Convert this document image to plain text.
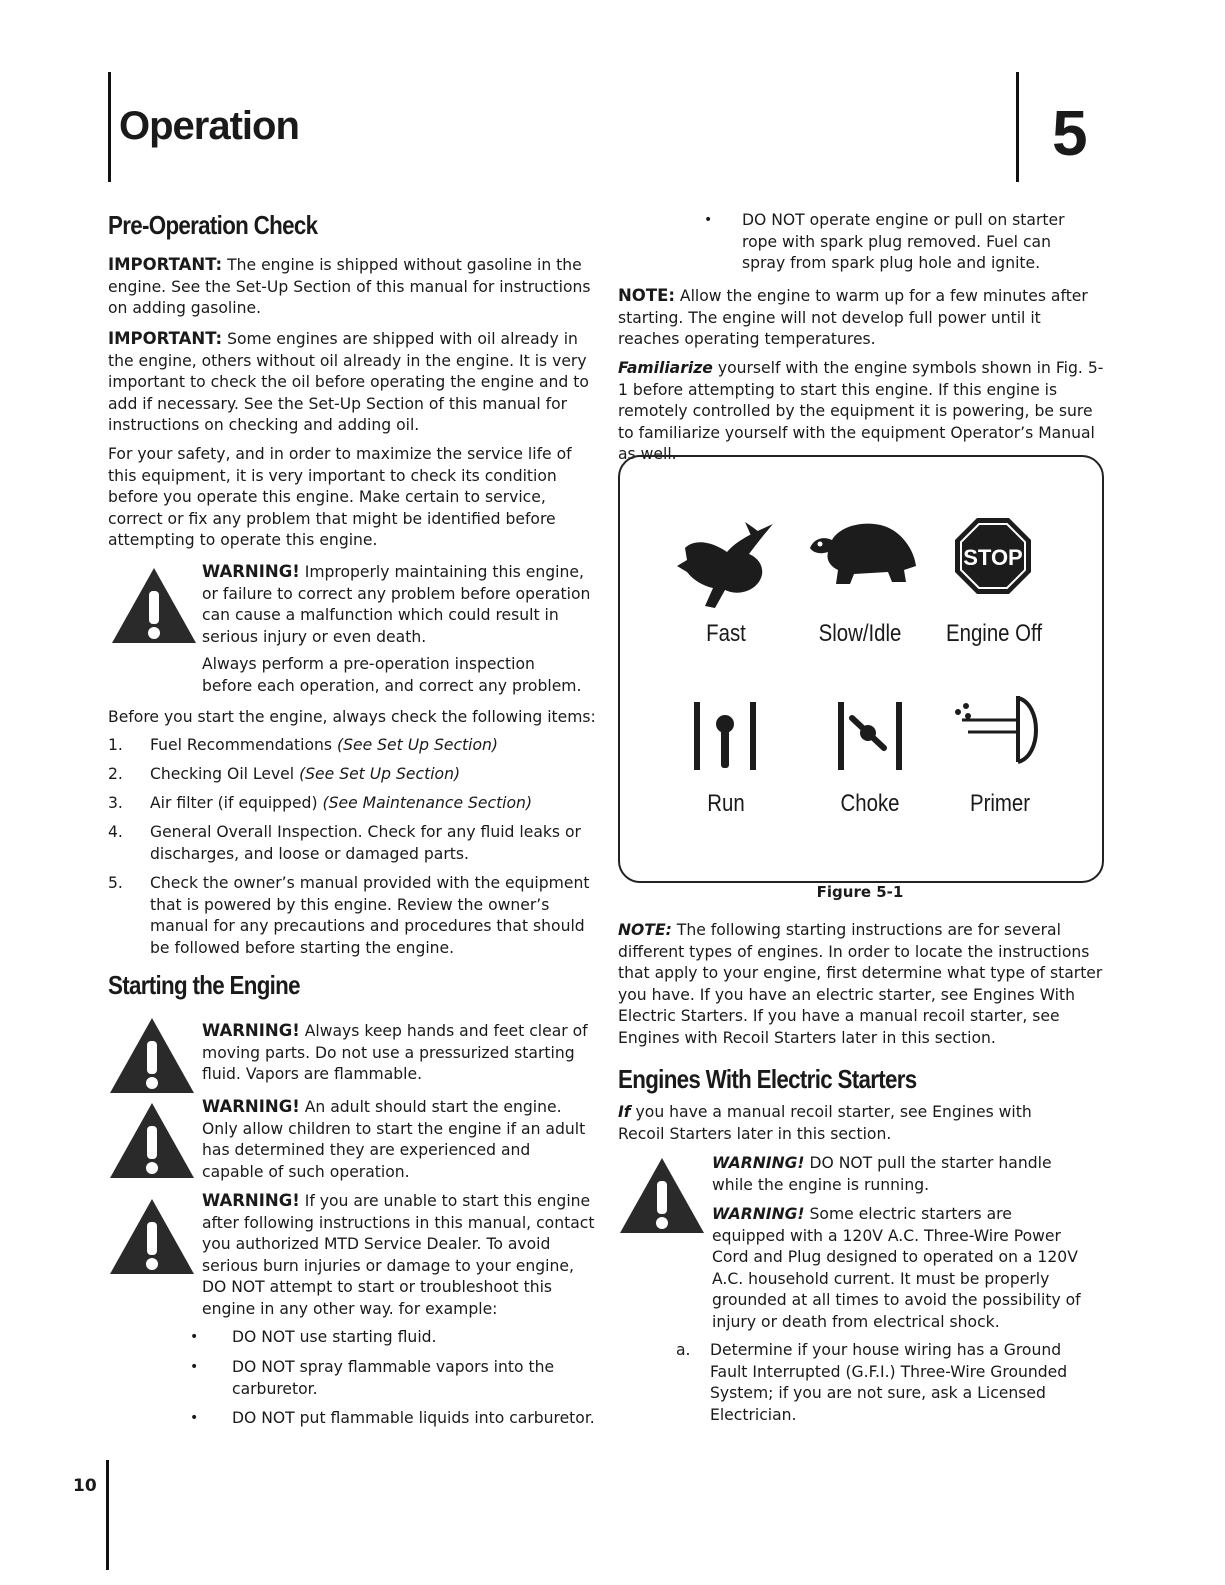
Operation	5
Pre-Operation Check

IMPORTANT: The engine is shipped without gasoline in the engine. See the Set-Up Section of this manual for instructions on adding gasoline.

IMPORTANT: Some engines are shipped with oil already in the engine, others without oil already in the engine. It is very important to check the oil before operating the engine and to add if necessary. See the Set-Up Section of this manual for instructions on checking and adding oil.

For your safety, and in order to maximize the service life of this equipment, it is very important to check its condition before you operate this engine. Make certain to service, correct or fix any problem that might be identified before attempting to operate this engine.

WARNING! Improperly maintaining this engine, or failure to correct any problem before operation can cause a malfunction which could result in serious injury or even death.

Always perform a pre-operation inspection before each operation, and correct any problem.

Before you start the engine, always check the following items:

1. Fuel Recommendations (See Set Up Section)

2. Checking Oil Level (See Set Up Section)

3. Air filter (if equipped) (See Maintenance Section)

4. General Overall Inspection. Check for any fluid leaks or discharges, and loose or damaged parts.

5. Check the owner’s manual provided with the equipment that is powered by this engine. Review the owner’s manual for any precautions and procedures that should be followed before starting the engine.

Starting the Engine

WARNING! Always keep hands and feet clear of moving parts. Do not use a pressurized starting fluid. Vapors are flammable.

WARNING! An adult should start the engine. Only allow children to start the engine if an adult has determined they are experienced and capable of such operation.

WARNING! If you are unable to start this engine after following instructions in this manual, contact you authorized MTD Service Dealer. To avoid serious burn injuries or damage to your engine, DO NOT attempt to start or troubleshoot this engine in any other way. for example:

• DO NOT use starting fluid.

• DO NOT spray flammable vapors into the carburetor.

• DO NOT put flammable liquids into carburetor.

• DO NOT operate engine or pull on starter rope with spark plug removed. Fuel can spray from spark plug hole and ignite.

NOTE: Allow the engine to warm up for a few minutes after starting. The engine will not develop full power until it reaches operating temperatures.

Familiarize yourself with the engine symbols shown in Fig. 5-1 before attempting to start this engine. If this engine is remotely controlled by the equipment it is powering, be sure to familiarize yourself with the equipment Operator’s Manual as well.

STOP
Fast	Slow/Idle	Engine Off
Run	Choke	Primer
Figure 5-1

NOTE: The following starting instructions are for several different types of engines. In order to locate the instructions that apply to your engine, first determine what type of starter you have. If you have an electric starter, see Engines With Electric Starters. If you have a manual recoil starter, see Engines with Recoil Starters later in this section.

Engines With Electric Starters

If you have a manual recoil starter, see Engines with Recoil Starters later in this section.

WARNING! DO NOT pull the starter handle while the engine is running.

WARNING! Some electric starters are equipped with a 120V A.C. Three-Wire Power Cord and Plug designed to operated on a 120V A.C. household current. It must be properly grounded at all times to avoid the possibility of injury or death from electrical shock.

a. Determine if your house wiring has a Ground Fault Interrupted (G.F.I.) Three-Wire Grounded System; if you are not sure, ask a Licensed Electrician.

10
